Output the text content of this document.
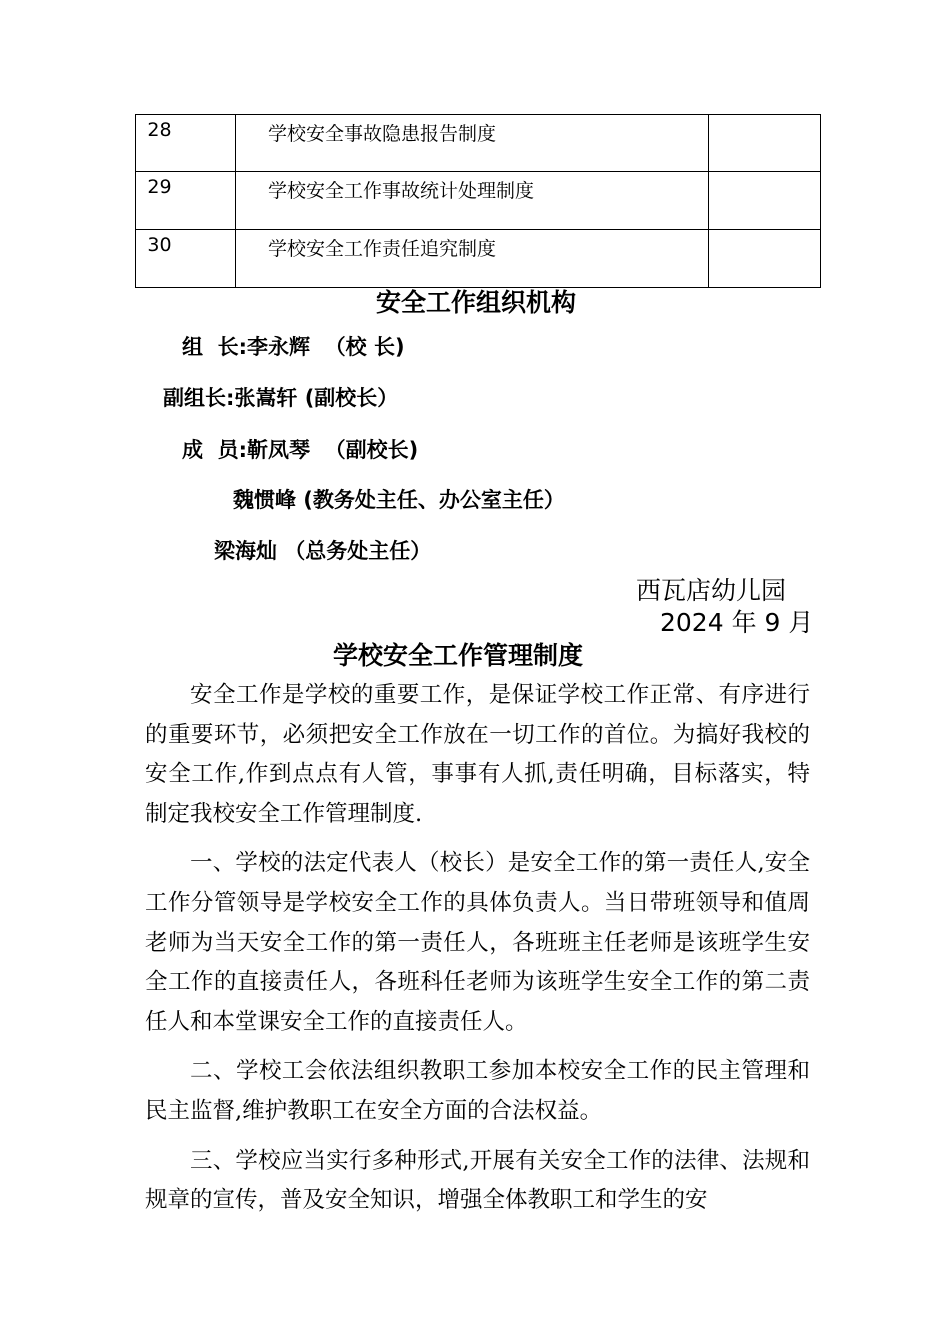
28	学校安全事故隐患报告制度	
29	学校安全工作事故统计处理制度	
30	学校安全工作责任追究制度	
安全工作组织机构
组  长:李永辉  （校 长)
副组长:张嵩轩 (副校长）
成  员:靳凤琴  （副校长)
魏惯峰 (教务处主任、办公室主任）
梁海灿 （总务处主任）
西瓦店幼儿园
2024 年 9 月
学校安全工作管理制度

安全工作是学校的重要工作，是保证学校工作正常、有序进行的重要环节，必须把安全工作放在一切工作的首位。为搞好我校的安全工作,作到点点有人管，事事有人抓,责任明确，目标落实，特制定我校安全工作管理制度.

一、学校的法定代表人（校长）是安全工作的第一责任人,安全工作分管领导是学校安全工作的具体负责人。当日带班领导和值周老师为当天安全工作的第一责任人，各班班主任老师是该班学生安全工作的直接责任人，各班科任老师为该班学生安全工作的第二责任人和本堂课安全工作的直接责任人。

二、学校工会依法组织教职工参加本校安全工作的民主管理和民主监督,维护教职工在安全方面的合法权益。

三、学校应当实行多种形式,开展有关安全工作的法律、法规和规章的宣传，普及安全知识，增强全体教职工和学生的安
